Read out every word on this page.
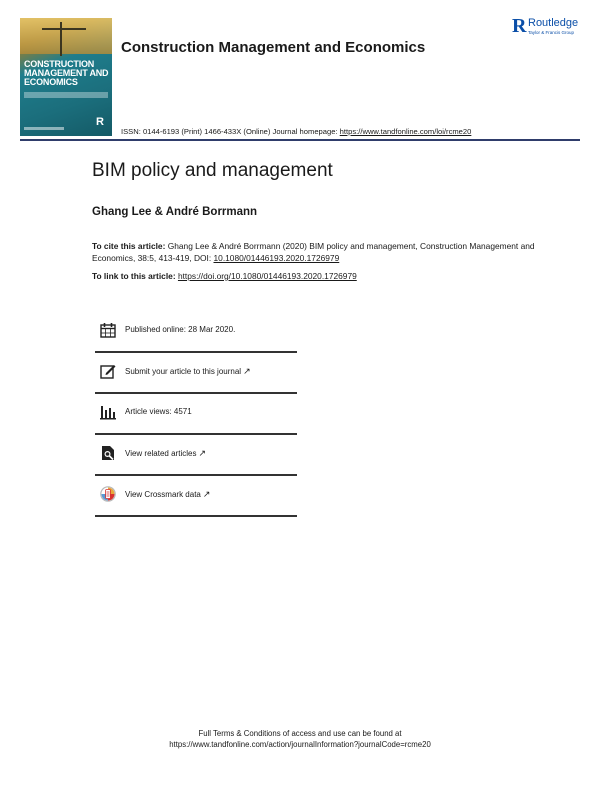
CONSTRUCTION MANAGEMENT AND ECONOMICS
R
Construction Management and Economics
R Routledge
Taylor & Francis Group
ISSN: 0144-6193 (Print) 1466-433X (Online) Journal homepage: https://www.tandfonline.com/loi/rcme20
BIM policy and management
Ghang Lee & André Borrmann
To cite this article: Ghang Lee & André Borrmann (2020) BIM policy and management, Construction Management and Economics, 38:5, 413-419, DOI: 10.1080/01446193.2020.1726979
To link to this article: https://doi.org/10.1080/01446193.2020.1726979
Published online: 28 Mar 2020.
Submit your article to this journal ↗
Article views: 4571
View related articles ↗
View Crossmark data ↗
Full Terms & Conditions of access and use can be found at
https://www.tandfonline.com/action/journalInformation?journalCode=rcme20
